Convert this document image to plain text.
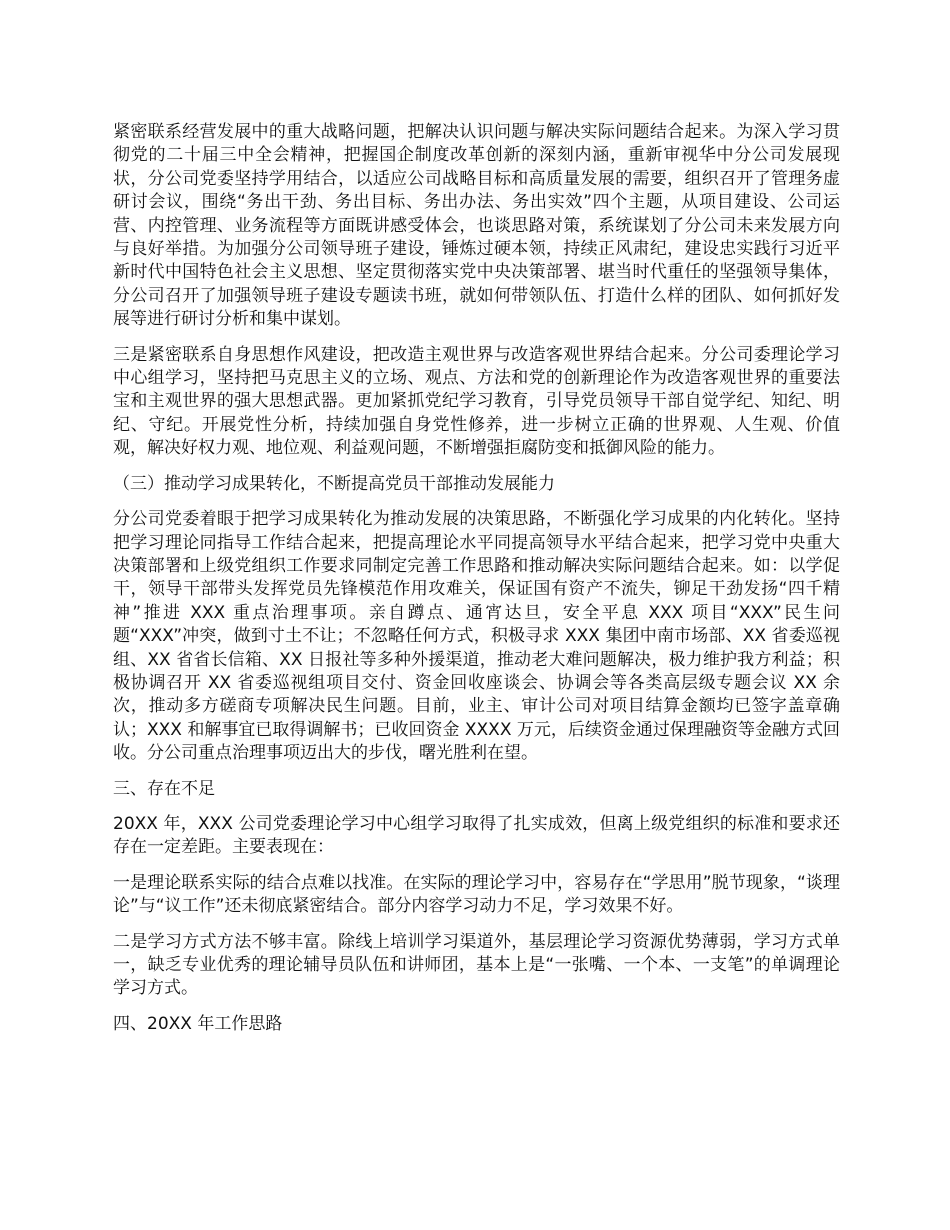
紧密联系经营发展中的重大战略问题，把解决认识问题与解决实际问题结合起来。为深入学习贯彻党的二十届三中全会精神，把握国企制度改革创新的深刻内涵，重新审视华中分公司发展现状，分公司党委坚持学用结合，以适应公司战略目标和高质量发展的需要，组织召开了管理务虚研讨会议，围绕“务出干劲、务出目标、务出办法、务出实效”四个主题，从项目建设、公司运营、内控管理、业务流程等方面既讲感受体会，也谈思路对策，系统谋划了分公司未来发展方向与良好举措。为加强分公司领导班子建设，锤炼过硬本领，持续正风肃纪，建设忠实践行习近平新时代中国特色社会主义思想、坚定贯彻落实党中央决策部署、堪当时代重任的坚强领导集体，分公司召开了加强领导班子建设专题读书班，就如何带领队伍、打造什么样的团队、如何抓好发展等进行研讨分析和集中谋划。

三是紧密联系自身思想作风建设，把改造主观世界与改造客观世界结合起来。分公司委理论学习中心组学习，坚持把马克思主义的立场、观点、方法和党的创新理论作为改造客观世界的重要法宝和主观世界的强大思想武器。更加紧抓党纪学习教育，引导党员领导干部自觉学纪、知纪、明纪、守纪。开展党性分析，持续加强自身党性修养，进一步树立正确的世界观、人生观、价值观，解决好权力观、地位观、利益观问题，不断增强拒腐防变和抵御风险的能力。

（三）推动学习成果转化，不断提高党员干部推动发展能力

分公司党委着眼于把学习成果转化为推动发展的决策思路，不断强化学习成果的内化转化。坚持把学习理论同指导工作结合起来，把提高理论水平同提高领导水平结合起来，把学习党中央重大决策部署和上级党组织工作要求同制定完善工作思路和推动解决实际问题结合起来。如：以学促干，领导干部带头发挥党员先锋模范作用攻难关，保证国有资产不流失，铆足干劲发扬“四千精神”推进 XXX 重点治理事项。亲自蹲点、通宵达旦，安全平息 XXX 项目“XXX”民生问题“XXX”冲突，做到寸土不让；不忽略任何方式，积极寻求 XXX 集团中南市场部、XX 省委巡视组、XX 省省长信箱、XX 日报社等多种外援渠道，推动老大难问题解决，极力维护我方利益；积极协调召开 XX 省委巡视组项目交付、资金回收座谈会、协调会等各类高层级专题会议 XX 余次，推动多方磋商专项解决民生问题。目前，业主、审计公司对项目结算金额均已签字盖章确认；XXX 和解事宜已取得调解书；已收回资金 XXXX 万元，后续资金通过保理融资等金融方式回收。分公司重点治理事项迈出大的步伐，曙光胜利在望。

三、存在不足

20XX 年，XXX 公司党委理论学习中心组学习取得了扎实成效，但离上级党组织的标准和要求还存在一定差距。主要表现在：

一是理论联系实际的结合点难以找准。在实际的理论学习中，容易存在“学思用”脱节现象，“谈理论”与“议工作”还未彻底紧密结合。部分内容学习动力不足，学习效果不好。

二是学习方式方法不够丰富。除线上培训学习渠道外，基层理论学习资源优势薄弱，学习方式单一，缺乏专业优秀的理论辅导员队伍和讲师团，基本上是“一张嘴、一个本、一支笔”的单调理论学习方式。

四、20XX 年工作思路
